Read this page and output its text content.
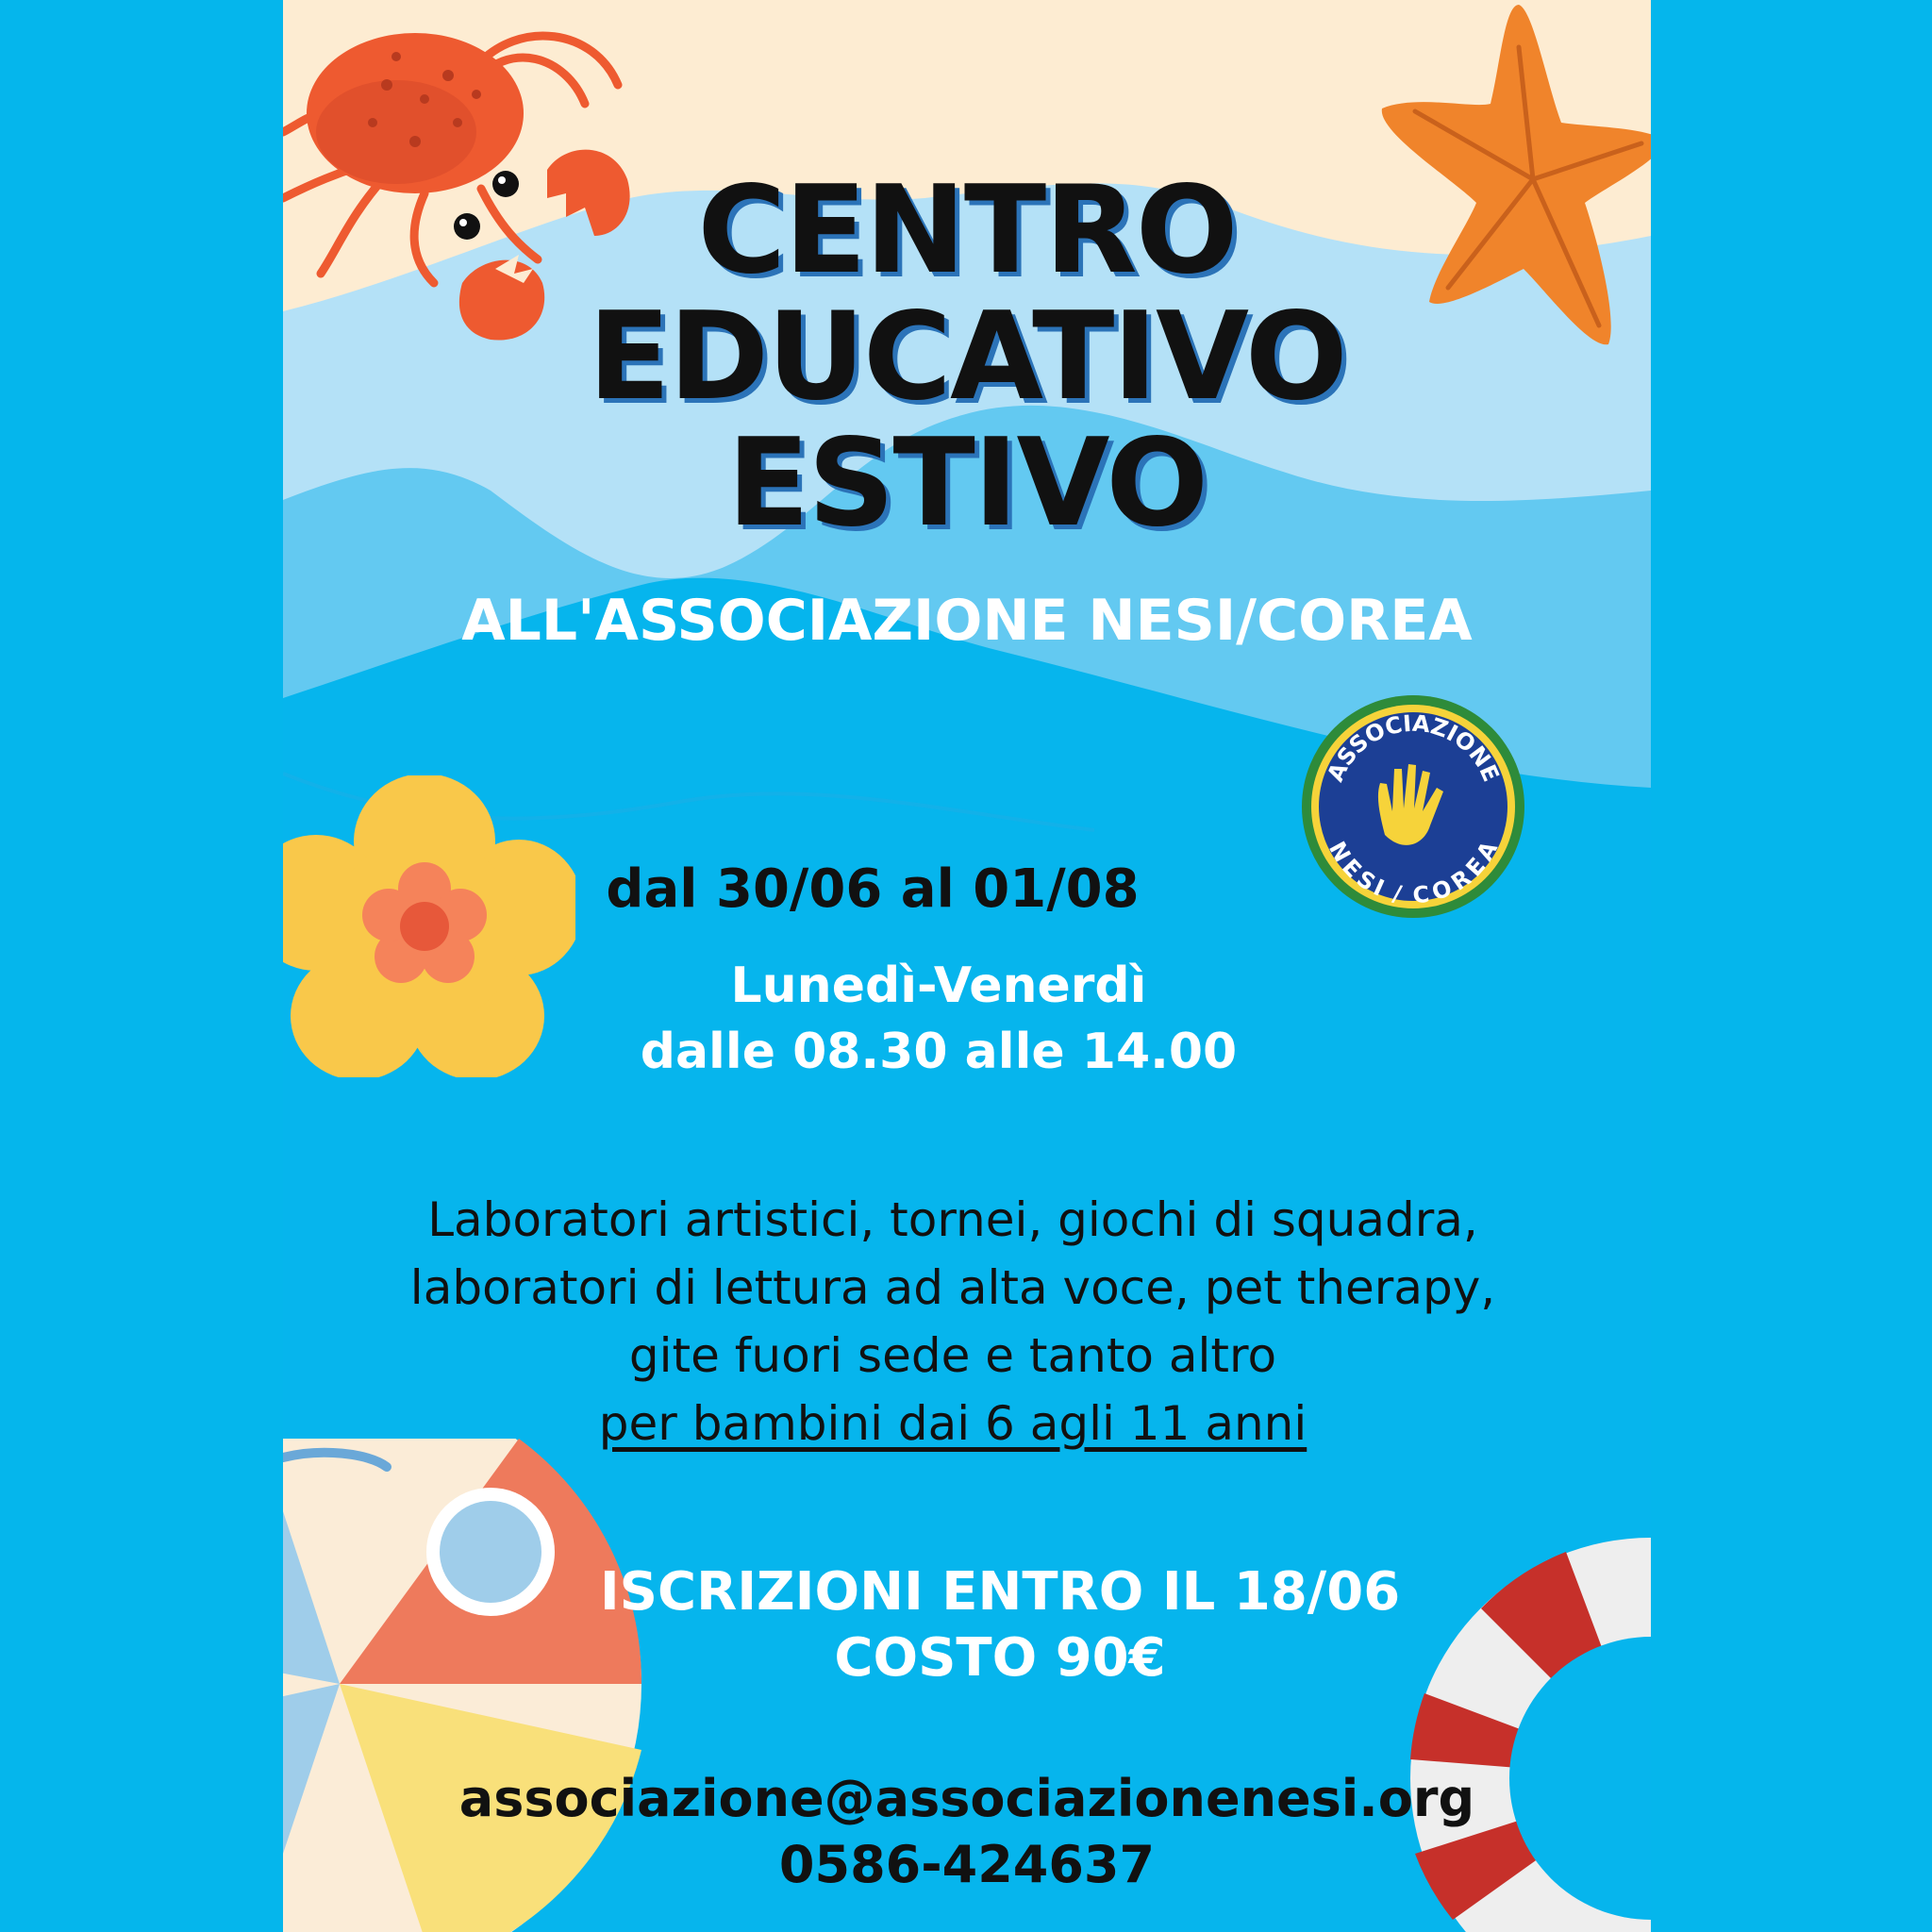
CENTRO
EDUCATIVO
ESTIVO
ALL'ASSOCIAZIONE NESI/COREA
ASSOCIAZIONE
NESI / COREA
dal 30/06 al 01/08
Lunedì-Venerdì
dalle 08.30 alle 14.00
Laboratori artistici, tornei, giochi di squadra,
laboratori di lettura ad alta voce, pet therapy,
gite fuori sede e tanto altro
per bambini dai 6 agli 11 anni
ISCRIZIONI ENTRO IL 18/06
COSTO 90€
associazione@associazionenesi.org
0586-424637
